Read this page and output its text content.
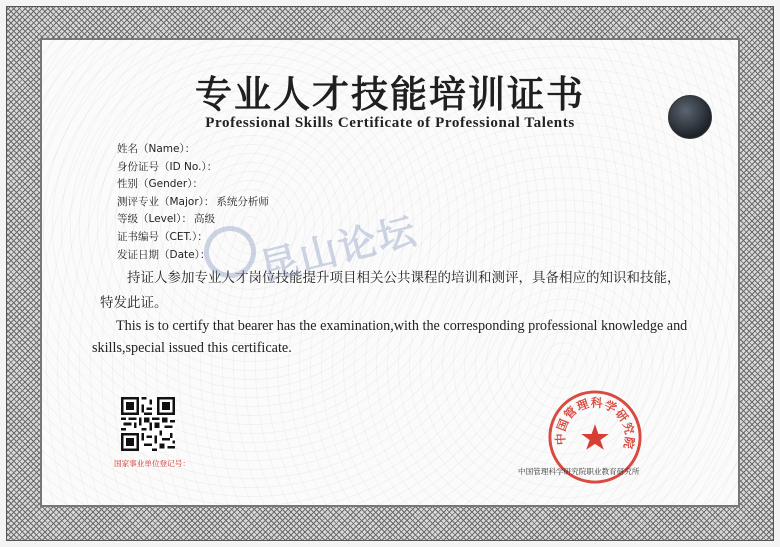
专业人才技能培训证书
Professional Skills Certificate of Professional Talents
姓名（Name）：
身份证号（ID No.）：
性别（Gender）：
测评专业（Major）： 系统分析师
等级（Level）： 高级
证书编号（CET.）：
发证日期（Date）：

持证人参加专业人才岗位技能提升项目相关公共课程的培训和测评，具备相应的知识和技能，特发此证。

This is to certify that bearer has the examination,with the corresponding professional knowledge and skills,special issued this certificate.

昆山论坛
国家事业单位登记号：
中国管理科学研究院
中国管理科学研究院职业教育研究所
